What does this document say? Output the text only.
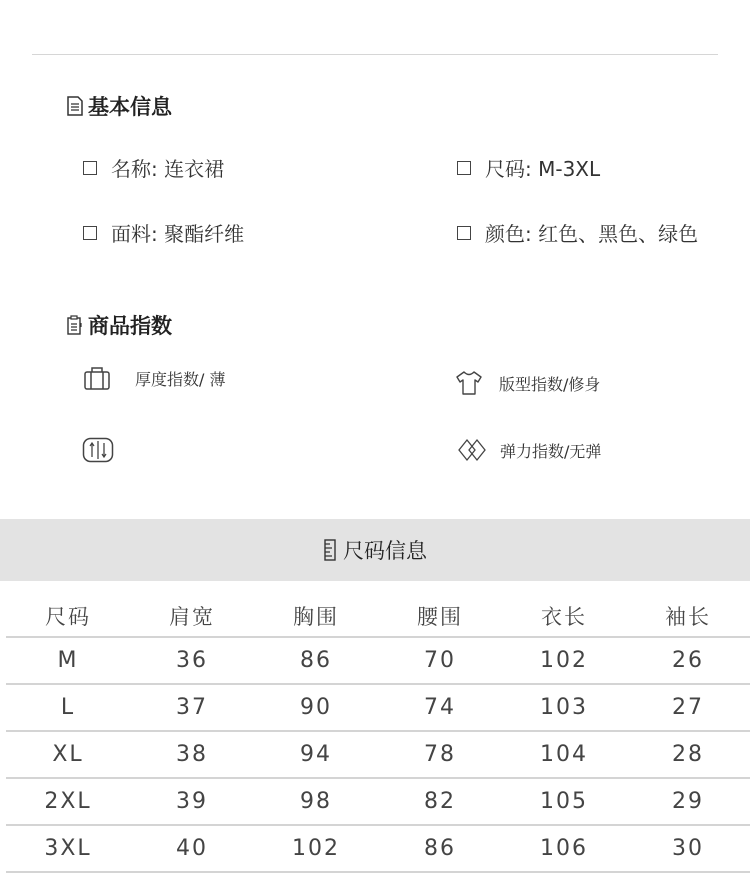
基本信息
名称: 连衣裙	尺码: M-3XL
面料: 聚酯纤维	颜色: 红色、黑色、绿色
商品指数
厚度指数/ 薄	版型指数/修身
弹力指数/无弹
尺码信息
尺码	肩宽	胸围	腰围	衣长	袖长
M	36	86	70	102	26
L	37	90	74	103	27
XL	38	94	78	104	28
2XL	39	98	82	105	29
3XL	40	102	86	106	30
